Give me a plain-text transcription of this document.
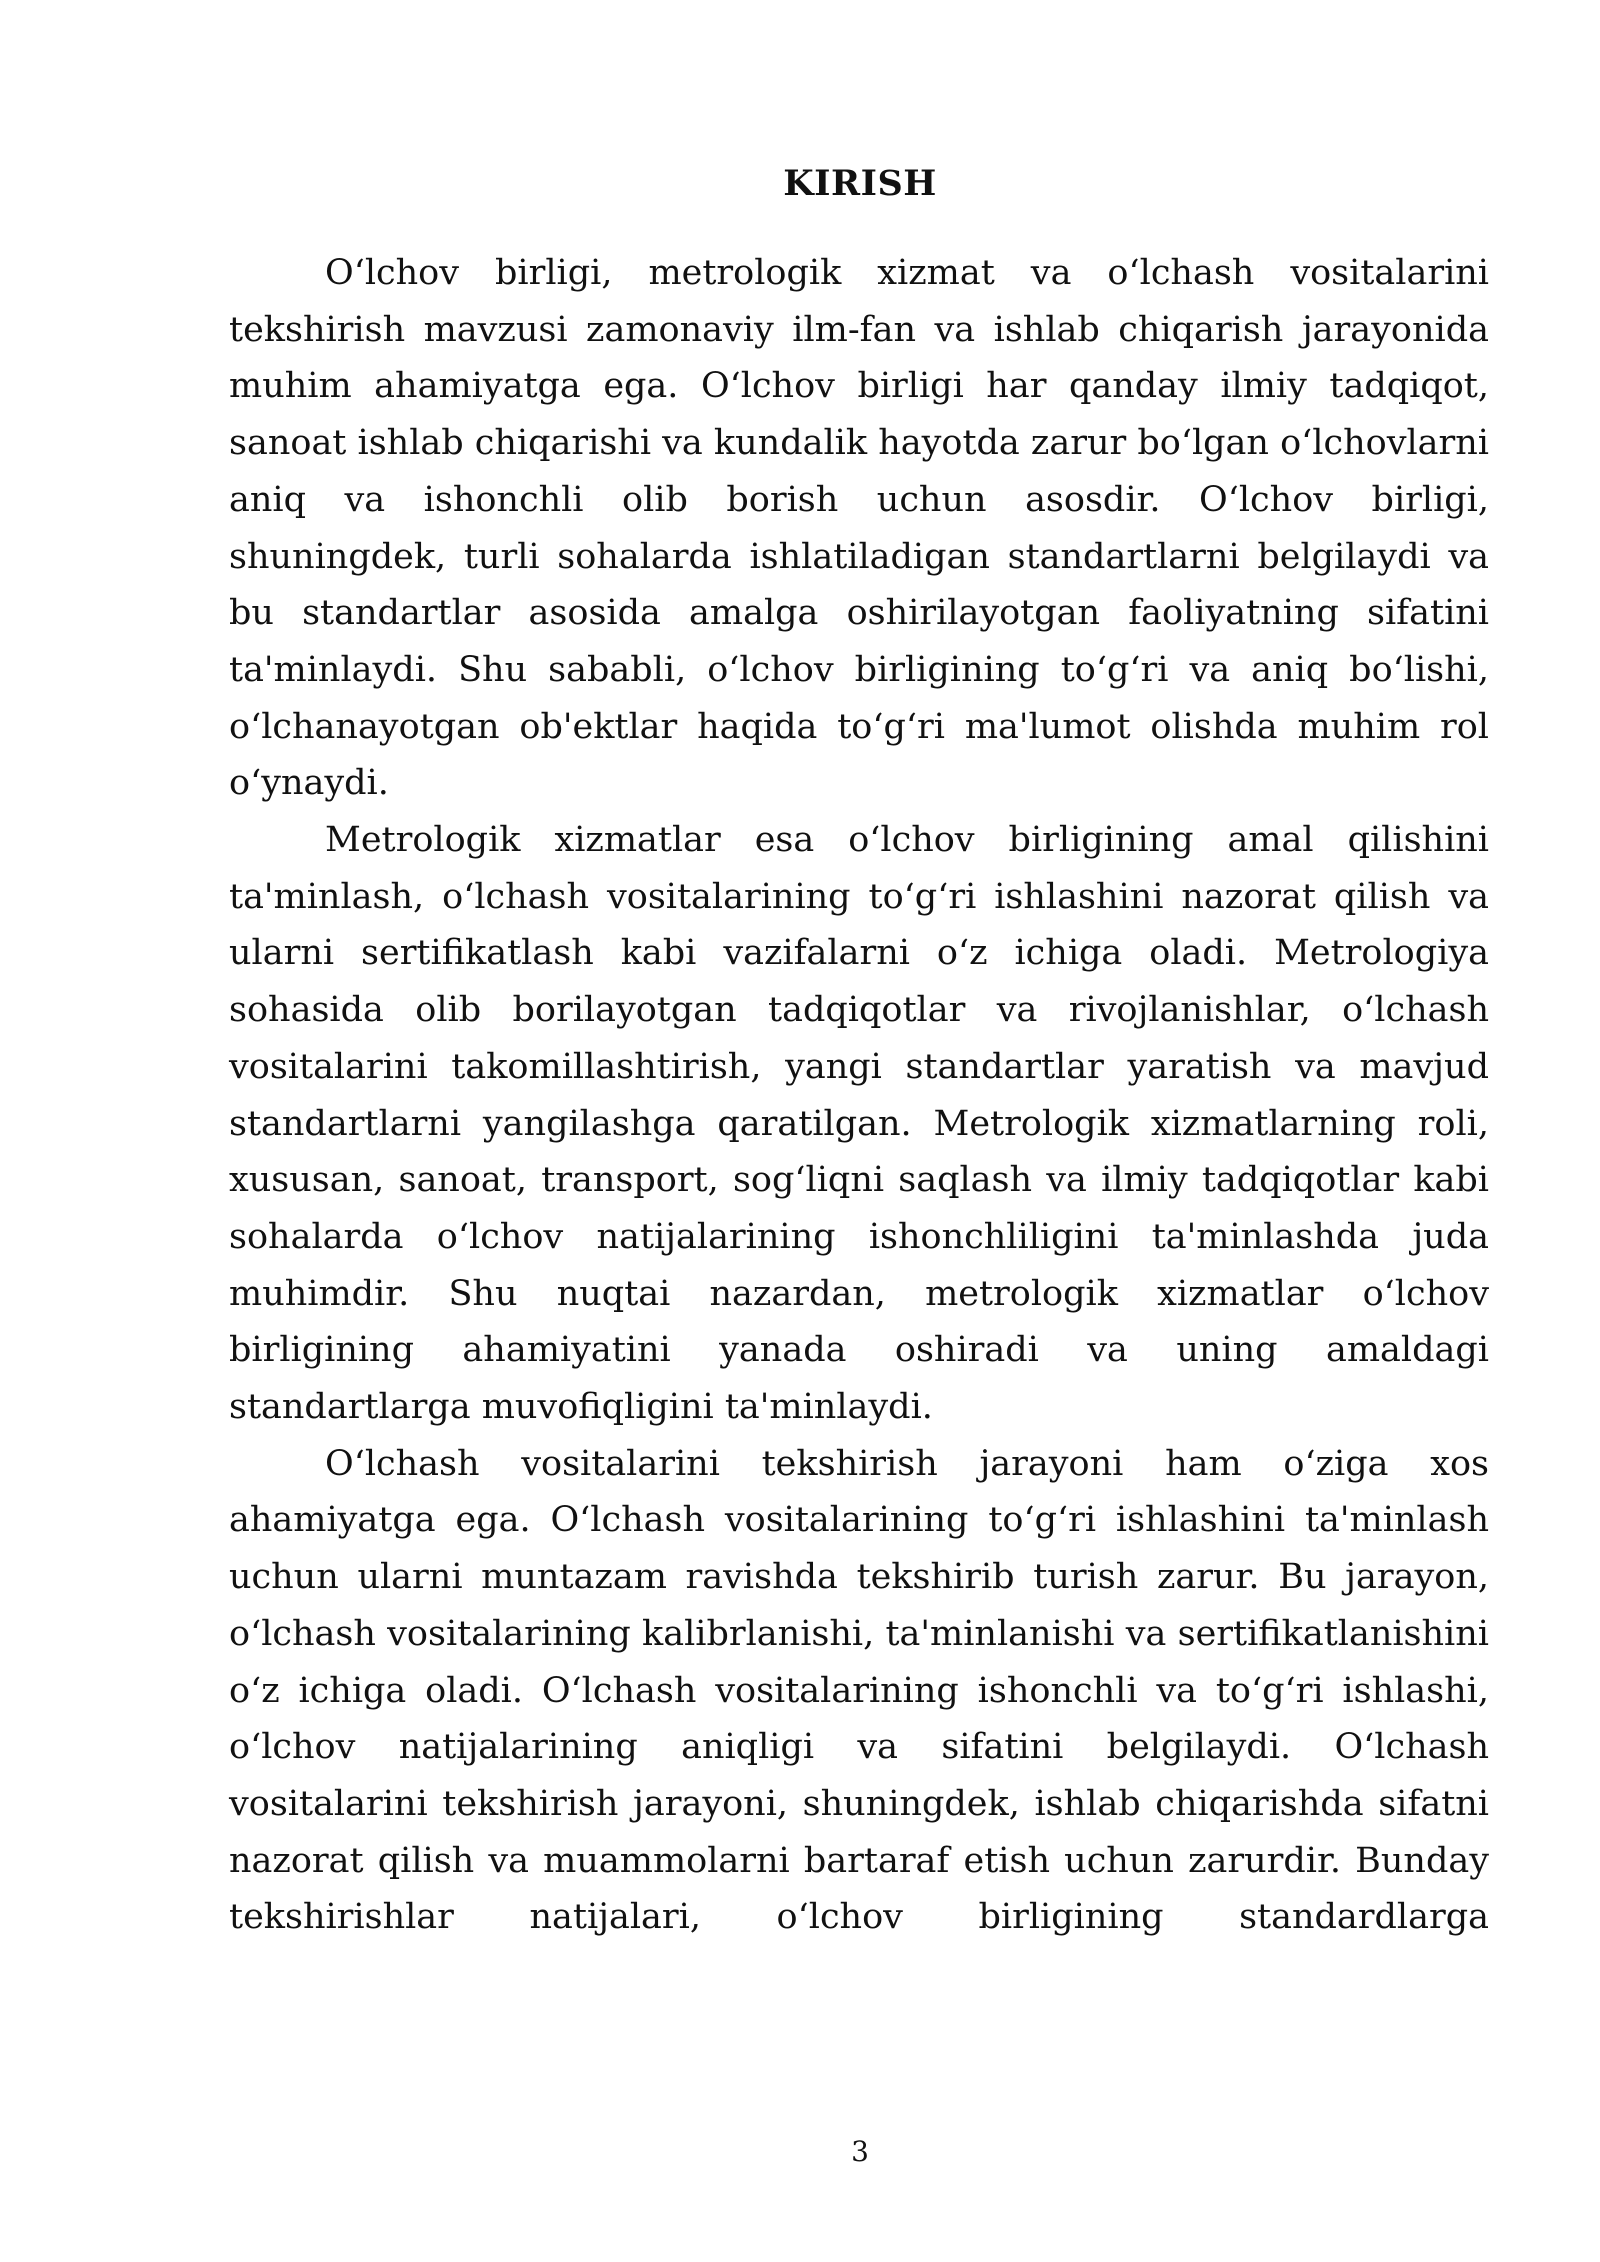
KIRISH

Oʻlchov birligi, metrologik xizmat va oʻlchash vositalarini tekshirish mavzusi zamonaviy ilm-fan va ishlab chiqarish jarayonida muhim ahamiyatga ega. Oʻlchov birligi har qanday ilmiy tadqiqot, sanoat ishlab chiqarishi va kundalik hayotda zarur boʻlgan oʻlchovlarni aniq va ishonchli olib borish uchun asosdir. Oʻlchov birligi, shuningdek, turli sohalarda ishlatiladigan standartlarni belgilaydi va bu standartlar asosida amalga oshirilayotgan faoliyatning sifatini ta'minlaydi. Shu sababli, oʻlchov birligining toʻgʻri va aniq boʻlishi, oʻlchanayotgan ob'ektlar haqida toʻgʻri ma'lumot olishda muhim rol oʻynaydi.

Metrologik xizmatlar esa oʻlchov birligining amal qilishini ta'minlash, oʻlchash vositalarining toʻgʻri ishlashini nazorat qilish va ularni sertifikatlash kabi vazifalarni oʻz ichiga oladi. Metrologiya sohasida olib borilayotgan tadqiqotlar va rivojlanishlar, oʻlchash vositalarini takomillashtirish, yangi standartlar yaratish va mavjud standartlarni yangilashga qaratilgan. Metrologik xizmatlarning roli, xususan, sanoat, transport, sogʻliqni saqlash va ilmiy tadqiqotlar kabi sohalarda oʻlchov natijalarining ishonchliligini ta'minlashda juda muhimdir. Shu nuqtai nazardan, metrologik xizmatlar oʻlchov birligining ahamiyatini yanada oshiradi va uning amaldagi standartlarga muvofiqligini ta'minlaydi.

Oʻlchash vositalarini tekshirish jarayoni ham oʻziga xos ahamiyatga ega. Oʻlchash vositalarining toʻgʻri ishlashini ta'minlash uchun ularni muntazam ravishda tekshirib turish zarur. Bu jarayon, oʻlchash vositalarining kalibrlanishi, ta'minlanishi va sertifikatlanishini oʻz ichiga oladi. Oʻlchash vositalarining ishonchli va toʻgʻri ishlashi, oʻlchov natijalarining aniqligi va sifatini belgilaydi. Oʻlchash vositalarini tekshirish jarayoni, shuningdek, ishlab chiqarishda sifatni nazorat qilish va muammolarni bartaraf etish uchun zarurdir. Bunday tekshirishlar natijalari, oʻlchov birligining standardlarga

3
